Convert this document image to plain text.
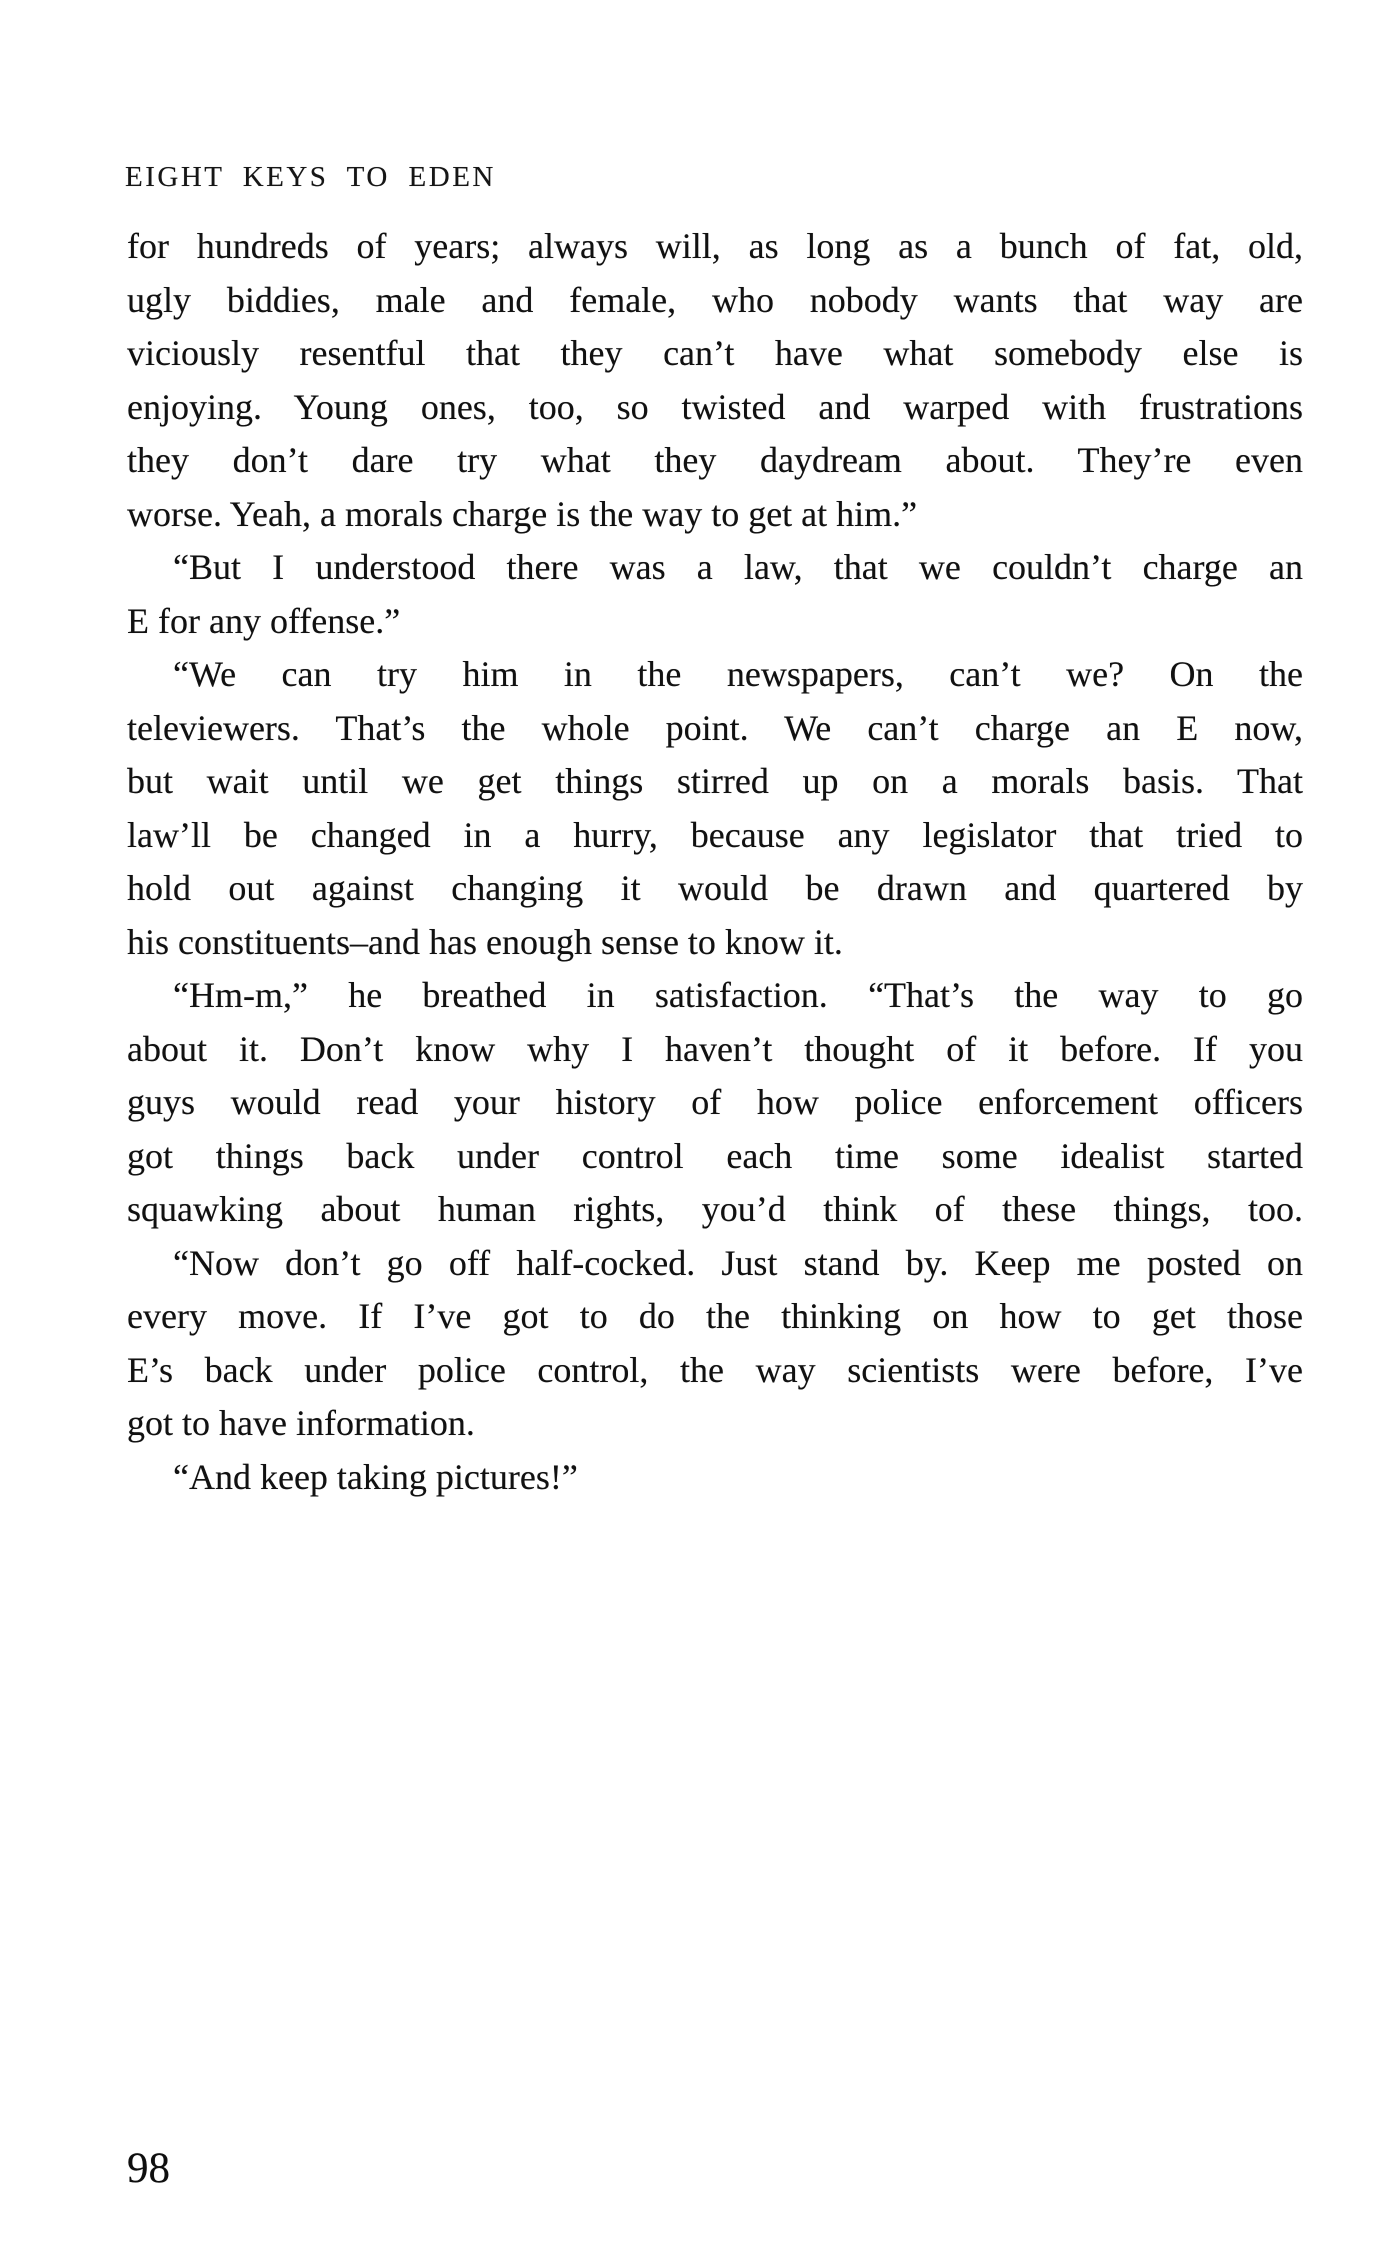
EIGHT KEYS TO EDEN
for hundreds of years; always will, as long as a bunch of fat, old,
ugly biddies, male and female, who nobody wants that way are
viciously resentful that they can’t have what somebody else is
enjoying. Young ones, too, so twisted and warped with frustrations
they don’t dare try what they daydream about. They’re even
worse. Yeah, a morals charge is the way to get at him.”
“But I understood there was a law, that we couldn’t charge an
E for any offense.”
“We can try him in the newspapers, can’t we? On the
televiewers. That’s the whole point. We can’t charge an E now,
but wait until we get things stirred up on a morals basis. That
law’ll be changed in a hurry, because any legislator that tried to
hold out against changing it would be drawn and quartered by
his constituents–and has enough sense to know it.
“Hm-m,” he breathed in satisfaction. “That’s the way to go
about it. Don’t know why I haven’t thought of it before. If you
guys would read your history of how police enforcement officers
got things back under control each time some idealist started
squawking about human rights, you’d think of these things, too.
“Now don’t go off half-cocked. Just stand by. Keep me posted on
every move. If I’ve got to do the thinking on how to get those
E’s back under police control, the way scientists were before, I’ve
got to have information.
“And keep taking pictures!”
98
